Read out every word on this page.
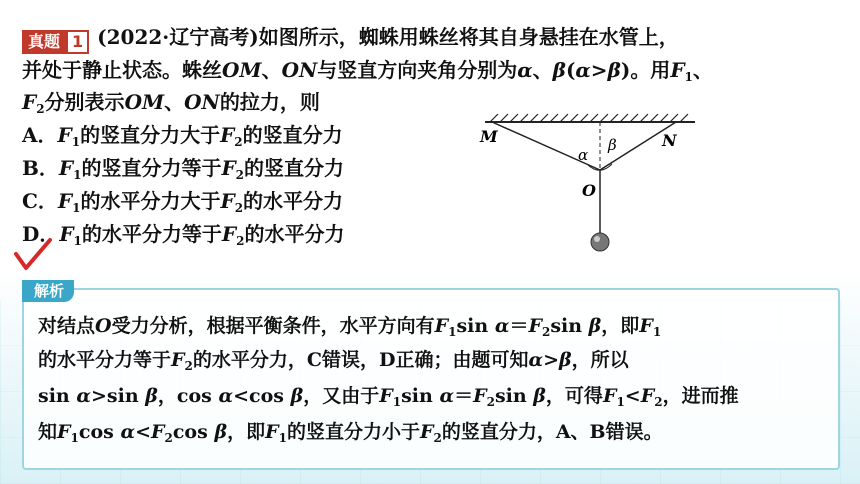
真题 1 (2022·辽宁高考)如图所示，蜘蛛用蛛丝将其自身悬挂在水管上，
并处于静止状态。蛛丝OM、ON与竖直方向夹角分别为α、β(α>β)。用$F_1$、
$F_2$分别表示OM、ON的拉力，则
A．$F_1$的竖直分力大于$F_2$的竖直分力
B．$F_1$的竖直分力等于$F_2$的竖直分力
C．$F_1$的水平分力大于$F_2$的水平分力
D．$F_1$的水平分力等于$F_2$的水平分力
M	N
O
α
β
解析
对结点O受力分析，根据平衡条件，水平方向有$F_1\sin$ $\alpha=F_2\sin$ β，即$F_1$
的水平分力等于$F_2$的水平分力，C错误，D正确；由题可知α>β，所以
sin α>sin β，cos α<cos β，又由于$F_1\sin$ $\alpha=F_2\sin$ β，可得$F_1<F_2$，进而推
知$F_1\cos$ $\alpha<F_2\cos$ β，即$F_1$的竖直分力小于$F_2$的竖直分力，A、B错误。
